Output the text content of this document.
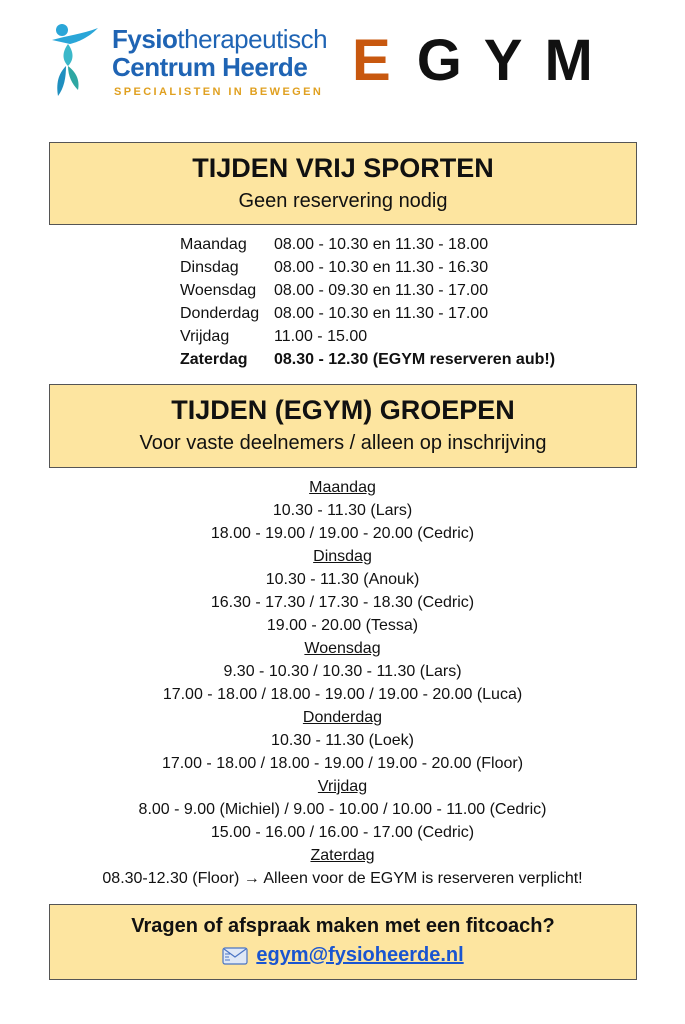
Fysiotherapeutisch
Centrum Heerde
SPECIALISTEN IN BEWEGEN E GYM
TIJDEN VRIJ SPORTEN
Geen reservering nodig
Maandag	08.00 - 10.30 en 11.30 - 18.00
Dinsdag	08.00 - 10.30 en 11.30 - 16.30
Woensdag	08.00 - 09.30 en 11.30 - 17.00
Donderdag	08.00 - 10.30 en 11.30 - 17.00
Vrijdag	11.00 - 15.00
Zaterdag	08.30 - 12.30 (EGYM reserveren aub!)
TIJDEN (EGYM) GROEPEN
Voor vaste deelnemers / alleen op inschrijving
Maandag
10.30 - 11.30 (Lars)
18.00 - 19.00 / 19.00 - 20.00 (Cedric)
Dinsdag
10.30 - 11.30 (Anouk)
16.30 - 17.30 / 17.30 - 18.30 (Cedric)
19.00 - 20.00 (Tessa)
Woensdag
9.30 - 10.30 / 10.30 - 11.30 (Lars)
17.00 - 18.00 / 18.00 - 19.00 / 19.00 - 20.00 (Luca)
Donderdag
10.30 - 11.30 (Loek)
17.00 - 18.00 / 18.00 - 19.00 / 19.00 - 20.00 (Floor)
Vrijdag
8.00 - 9.00 (Michiel) / 9.00 - 10.00 / 10.00 - 11.00 (Cedric)
15.00 - 16.00 / 16.00 - 17.00 (Cedric)
Zaterdag
08.30-12.30 (Floor) → Alleen voor de EGYM is reserveren verplicht!
Vragen of afspraak maken met een fitcoach?
egym@fysioheerde.nl
